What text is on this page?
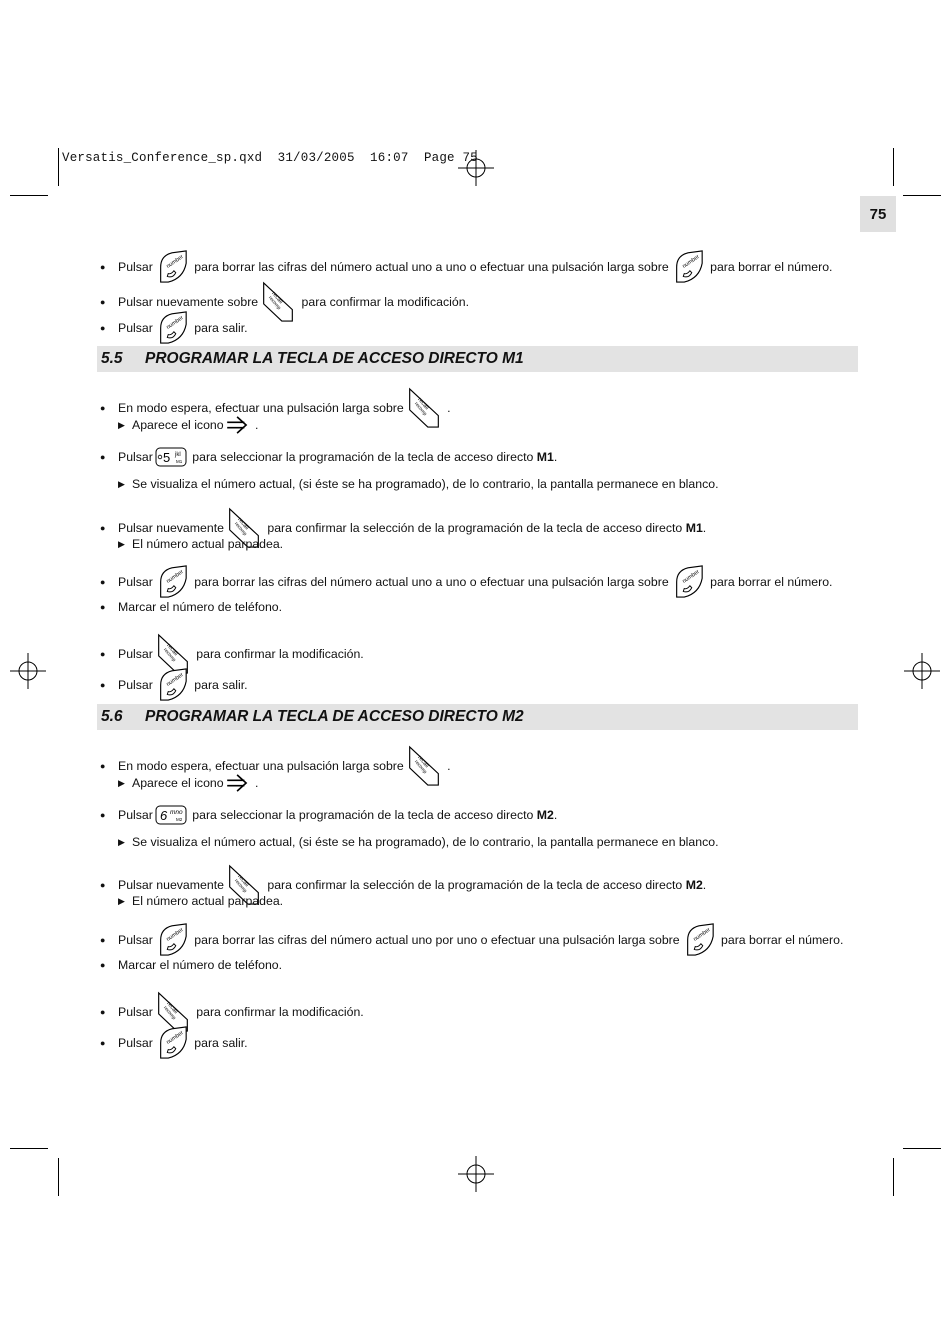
Versatis_Conference_sp.qxd  31/03/2005  16:07  Page 75
75
●	Pulsar	para borrar las cifras del número actual uno a uno o efectuar una pulsación larga sobre	para borrar el número.
●	Pulsar nuevamente sobre	para confirmar la modificación.
●	Pulsar	para salir.
5.5	PROGRAMAR LA TECLA DE ACCESO DIRECTO M1
●	En modo espera, efectuar una pulsación larga sobre	.
▶ Aparece el icono .
●	Pulsar	para seleccionar la programación de la tecla de acceso directo
M1 .
▶ Se visualiza el número actual, (si éste se ha programado), de lo contrario, la pantalla permanece en blanco.
●	Pulsar nuevamente	para confirmar la selección de la programación de la tecla de acceso directo
M1 .
▶ El número actual parpadea.
●	Pulsar	para borrar las cifras del número actual uno a uno o efectuar una pulsación larga sobre	para borrar el número.
●	Marcar el número de teléfono.
●	Pulsar	para confirmar la modificación.
●	Pulsar	para salir.
5.6	PROGRAMAR LA TECLA DE ACCESO DIRECTO M2
●	En modo espera, efectuar una pulsación larga sobre	.
▶ Aparece el icono .
●	Pulsar	para seleccionar la programación de la tecla de acceso directo
M2 .
▶ Se visualiza el número actual, (si éste se ha programado), de lo contrario, la pantalla permanece en blanco.
●	Pulsar nuevamente	para confirmar la selección de la programación de la tecla de acceso directo
M2 .
▶ El número actual parpadea.
●	Pulsar	para borrar las cifras del número actual uno por uno o efectuar una pulsación larga sobre	para borrar el número.
●	Marcar el número de teléfono.
●	Pulsar	para confirmar la modificación.
●	Pulsar	para salir.
